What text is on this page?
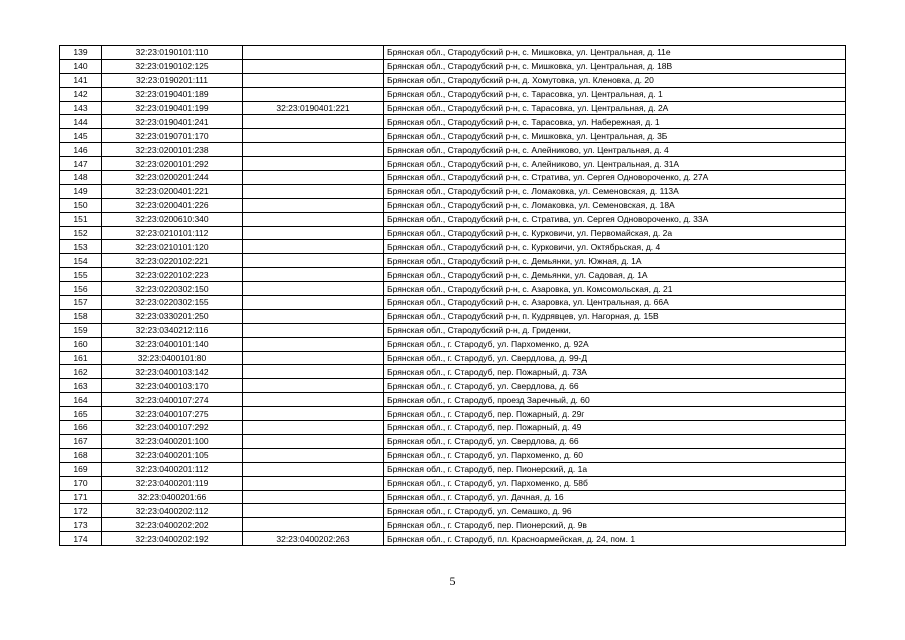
139	32:23:0190101:110		Брянская обл., Стародубский р-н, с. Мишковка, ул. Центральная, д. 11е
140	32:23:0190102:125		Брянская обл., Стародубский р-н, с. Мишковка, ул. Центральная, д. 18В
141	32:23:0190201:111		Брянская обл., Стародубский р-н, д. Хомутовка, ул. Кленовка, д. 20
142	32:23:0190401:189		Брянская обл., Стародубский р-н, с. Тарасовка, ул. Центральная, д. 1
143	32:23:0190401:199	32:23:0190401:221	Брянская обл., Стародубский р-н, с. Тарасовка, ул. Центральная, д. 2А
144	32:23:0190401:241		Брянская обл., Стародубский р-н, с. Тарасовка, ул. Набережная, д. 1
145	32:23:0190701:170		Брянская обл., Стародубский р-н, с. Мишковка, ул. Центральная, д. 3Б
146	32:23:0200101:238		Брянская обл., Стародубский р-н, с. Алейниково, ул. Центральная, д. 4
147	32:23:0200101:292		Брянская обл., Стародубский р-н, с. Алейниково, ул. Центральная, д. 31А
148	32:23:0200201:244		Брянская обл., Стародубский р-н, с. Стратива, ул. Сергея Одновороченко, д. 27А
149	32:23:0200401:221		Брянская обл., Стародубский р-н, с. Ломаковка, ул. Семеновская, д. 113А
150	32:23:0200401:226		Брянская обл., Стародубский р-н, с. Ломаковка, ул. Семеновская, д. 18А
151	32:23:0200610:340		Брянская обл., Стародубский р-н, с. Стратива, ул. Сергея Одновороченко, д. 33А
152	32:23:0210101:112		Брянская обл., Стародубский р-н, с. Курковичи, ул. Первомайская, д. 2а
153	32:23:0210101:120		Брянская обл., Стародубский р-н, с. Курковичи, ул. Октябрьская, д. 4
154	32:23:0220102:221		Брянская обл., Стародубский р-н, с. Демьянки, ул. Южная, д. 1А
155	32:23:0220102:223		Брянская обл., Стародубский р-н, с. Демьянки, ул. Садовая, д. 1А
156	32:23:0220302:150		Брянская обл., Стародубский р-н, с. Азаровка, ул. Комсомольская, д. 21
157	32:23:0220302:155		Брянская обл., Стародубский р-н, с. Азаровка, ул. Центральная, д. 66А
158	32:23:0330201:250		Брянская обл., Стародубский р-н, п. Кудрявцев, ул. Нагорная, д. 15В
159	32:23:0340212:116		Брянская обл., Стародубский р-н, д. Гриденки,
160	32:23:0400101:140		Брянская обл., г. Стародуб, ул. Пархоменко, д. 92А
161	32:23:0400101:80		Брянская обл., г. Стародуб, ул. Свердлова, д. 99-Д
162	32:23:0400103:142		Брянская обл., г. Стародуб, пер. Пожарный, д. 73А
163	32:23:0400103:170		Брянская обл., г. Стародуб, ул. Свердлова, д. 66
164	32:23:0400107:274		Брянская обл., г. Стародуб, проезд Заречный, д. 60
165	32:23:0400107:275		Брянская обл., г. Стародуб, пер. Пожарный, д. 29г
166	32:23:0400107:292		Брянская обл., г. Стародуб, пер. Пожарный, д. 49
167	32:23:0400201:100		Брянская обл., г. Стародуб, ул. Свердлова, д. 66
168	32:23:0400201:105		Брянская обл., г. Стародуб, ул. Пархоменко, д. 60
169	32:23:0400201:112		Брянская обл., г. Стародуб, пер. Пионерский, д. 1а
170	32:23:0400201:119		Брянская обл., г. Стародуб, ул. Пархоменко, д. 58б
171	32:23:0400201:66		Брянская обл., г. Стародуб, ул. Дачная, д. 16
172	32:23:0400202:112		Брянская обл., г. Стародуб, ул. Семашко, д. 96
173	32:23:0400202:202		Брянская обл., г. Стародуб, пер. Пионерский, д. 9в
174	32:23:0400202:192	32:23:0400202:263	Брянская обл., г. Стародуб, пл. Красноармейская, д. 24, пом. 1
5
